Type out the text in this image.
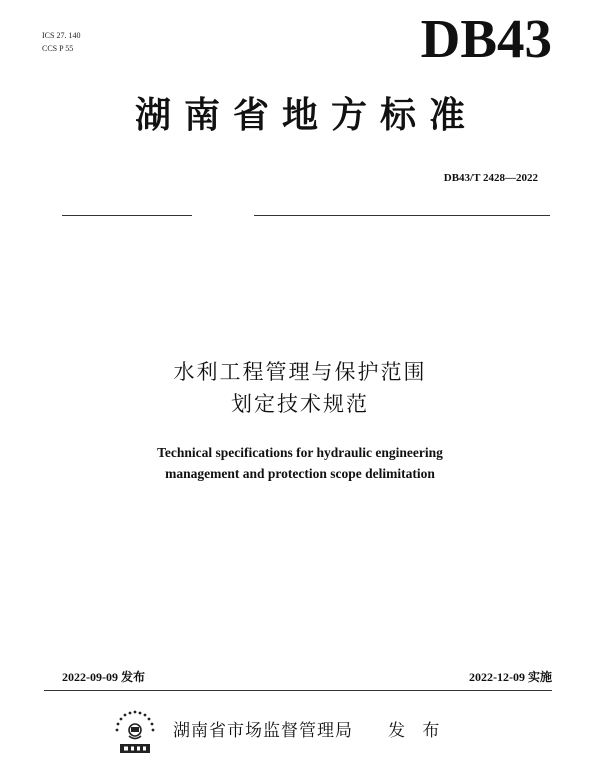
ICS 27. 140
CCS P 55	DB43
湖南省地方标准
DB43/T 2428—2022
水利工程管理与保护范围
划定技术规范
Technical specifications for hydraulic engineering
management and protection scope delimitation
2022-09-09 发布	2022-12-09 实施
湖南省市场监督管理局 发 布
